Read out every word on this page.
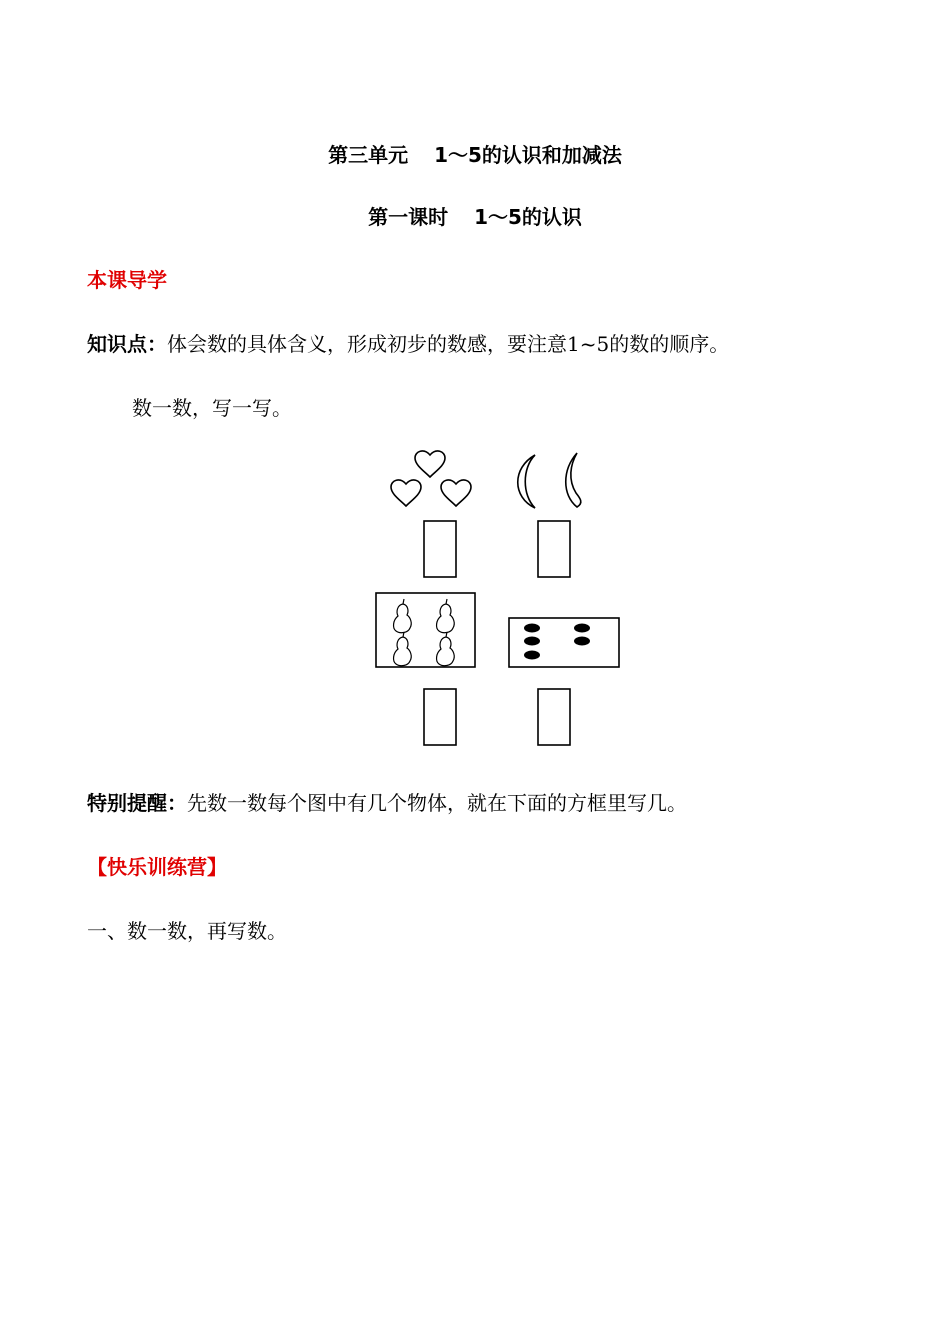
第三单元 1～5的认识和加减法
第一课时 1～5的认识
本课导学
知识点：体会数的具体含义，形成初步的数感，要注意1~5的数的顺序。
数一数，写一写。
特别提醒：先数一数每个图中有几个物体，就在下面的方框里写几。
【快乐训练营】
一、数一数，再写数。
